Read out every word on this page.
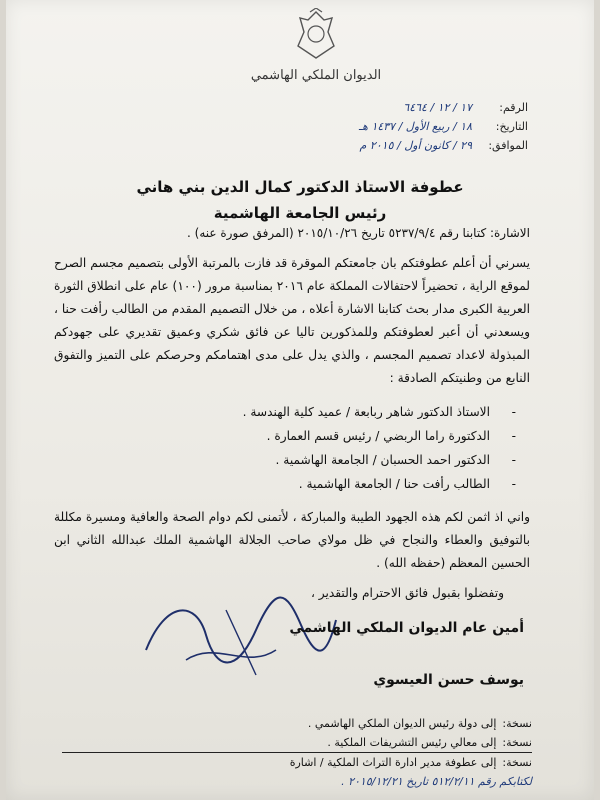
الديوان الملكي الهاشمي
الرقم:
١٧ / ١٢ / ٦٤٦٤
التاريخ:
١٨ / ربيع الأول / ١٤٣٧ هـ
الموافق:
٢٩ / كانون أول / ٢٠١٥ م
عطوفة الاستاذ الدكتور كمال الدين بني هاني
رئيس الجامعة الهاشمية
الاشارة: كتابنا رقم ٥٢٣٧/٩/٤ تاريخ ٢٠١٥/١٠/٢٦ (المرفق صورة عنه) .
يسرني أن أعلم عطوفتكم بان جامعتكم الموقرة قد فازت بالمرتبة الأولى بتصميم مجسم الصرح لموقع الراية ، تحضيراً لاحتفالات المملكة عام ٢٠١٦ بمناسبة مرور (١٠٠) عام على انطلاق الثورة العربية الكبرى مدار بحث كتابنا الاشارة أعلاه ، من خلال التصميم المقدم من الطالب رأفت حنا ، ويسعدني أن أعبر لعطوفتكم وللمذكورين تاليا عن فائق شكري وعميق تقديري على جهودكم المبذولة لاعداد تصميم المجسم ، والذي يدل على مدى اهتمامكم وحرصكم على التميز والتفوق النابع من وطنيتكم الصادقة :
-
الاستاذ الدكتور شاهر ربابعة / عميد كلية الهندسة .
-
الدكتورة راما الربضي / رئيس قسم العمارة .
-
الدكتور احمد الحسبان / الجامعة الهاشمية .
-
الطالب رأفت حنا / الجامعة الهاشمية .
واني اذ اثمن لكم هذه الجهود الطيبة والمباركة ، لأتمنى لكم دوام الصحة والعافية ومسيرة مكللة بالتوفيق والعطاء والنجاح في ظل مولاي صاحب الجلالة الهاشمية الملك عبدالله الثاني ابن الحسين المعظم (حفظه الله) .
وتفضلوا بقبول فائق الاحترام والتقدير ،
أمين عام الديوان الملكي الهاشمي
يوسف حسن العيسوي
نسخة:
إلى دولة رئيس الديوان الملكي الهاشمي .
نسخة:
إلى معالي رئيس التشريفات الملكية .
نسخة:
إلى عطوفة مدير ادارة التراث الملكية / اشارة
لكتابكم رقم ٥١٢/٢/١١ تاريخ ٢٠١٥/١٢/٢١ .
